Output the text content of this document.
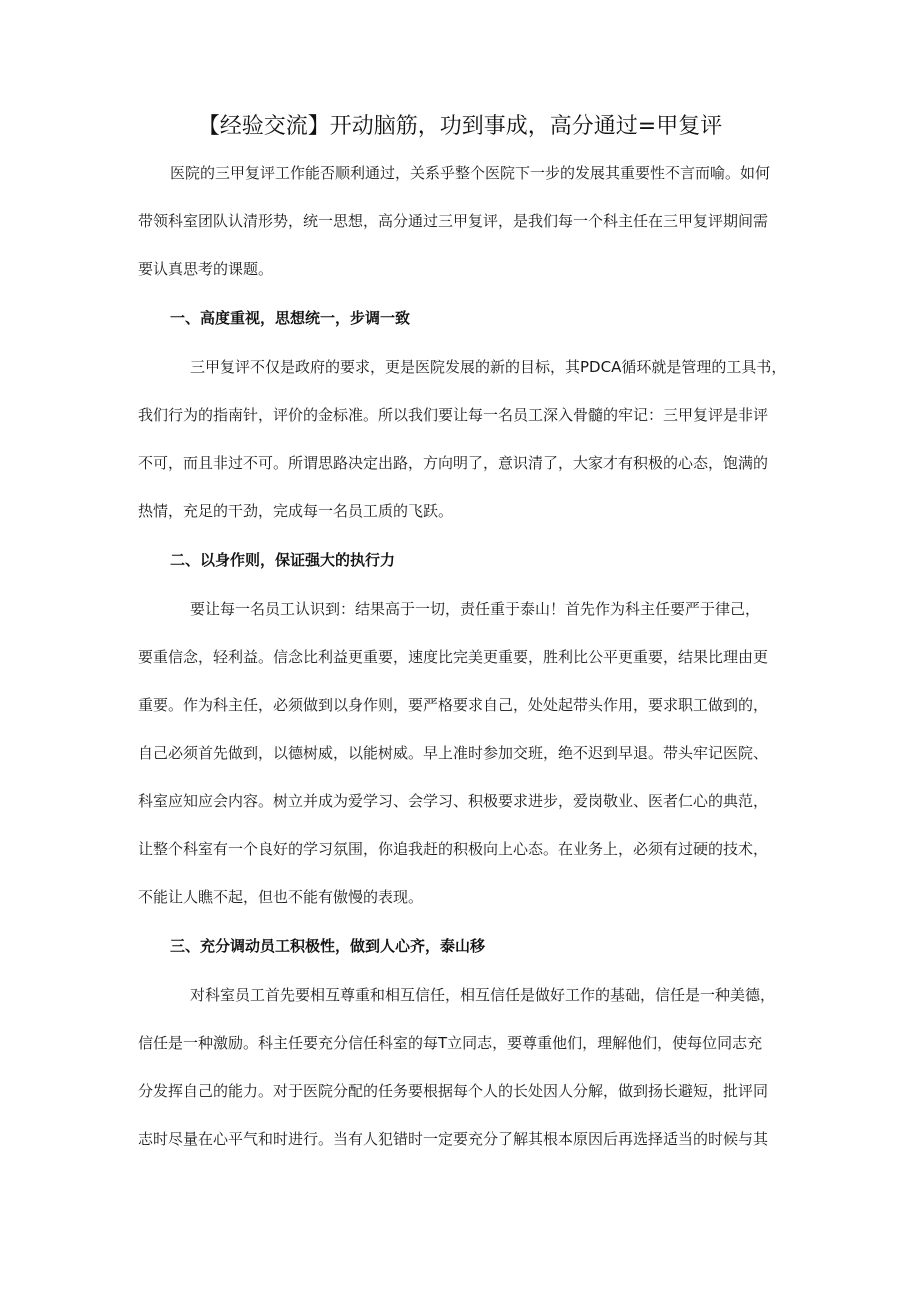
【经验交流】开动脑筋，功到事成，高分通过=甲复评
医院的三甲复评工作能否顺利通过，关系乎整个医院下一步的发展其重要性不言而喻。如何
带领科室团队认清形势，统一思想，高分通过三甲复评，是我们每一个科主任在三甲复评期间需
要认真思考的课题。
一、高度重视，思想统一，步调一致
三甲复评不仅是政府的要求，更是医院发展的新的目标，其PDCA循环就是管理的工具书，
我们行为的指南针，评价的金标准。所以我们要让每一名员工深入骨髓的牢记：三甲复评是非评
不可，而且非过不可。所谓思路决定出路，方向明了，意识清了，大家才有积极的心态，饱满的
热情，充足的干劲，完成每一名员工质的飞跃。
二、以身作则，保证强大的执行力
要让每一名员工认识到：结果高于一切，责任重于泰山！首先作为科主任要严于律己，
要重信念，轻利益。信念比利益更重要，速度比完美更重要，胜利比公平更重要，结果比理由更
重要。作为科主任，必须做到以身作则，要严格要求自己，处处起带头作用，要求职工做到的，
自己必须首先做到，以德树威，以能树威。早上准时参加交班，绝不迟到早退。带头牢记医院、
科室应知应会内容。树立并成为爱学习、会学习、积极要求进步，爱岗敬业、医者仁心的典范，
让整个科室有一个良好的学习氛围，你追我赶的积极向上心态。在业务上，必须有过硬的技术，
不能让人瞧不起，但也不能有傲慢的表现。
三、充分调动员工积极性，做到人心齐，泰山移
对科室员工首先要相互尊重和相互信任，相互信任是做好工作的基础，信任是一种美德，
信任是一种激励。科主任要充分信任科室的每T立同志，要尊重他们，理解他们，使每位同志充
分发挥自己的能力。对于医院分配的任务要根据每个人的长处因人分解，做到扬长避短，批评同
志时尽量在心平气和时进行。当有人犯错时一定要充分了解其根本原因后再选择适当的时候与其
